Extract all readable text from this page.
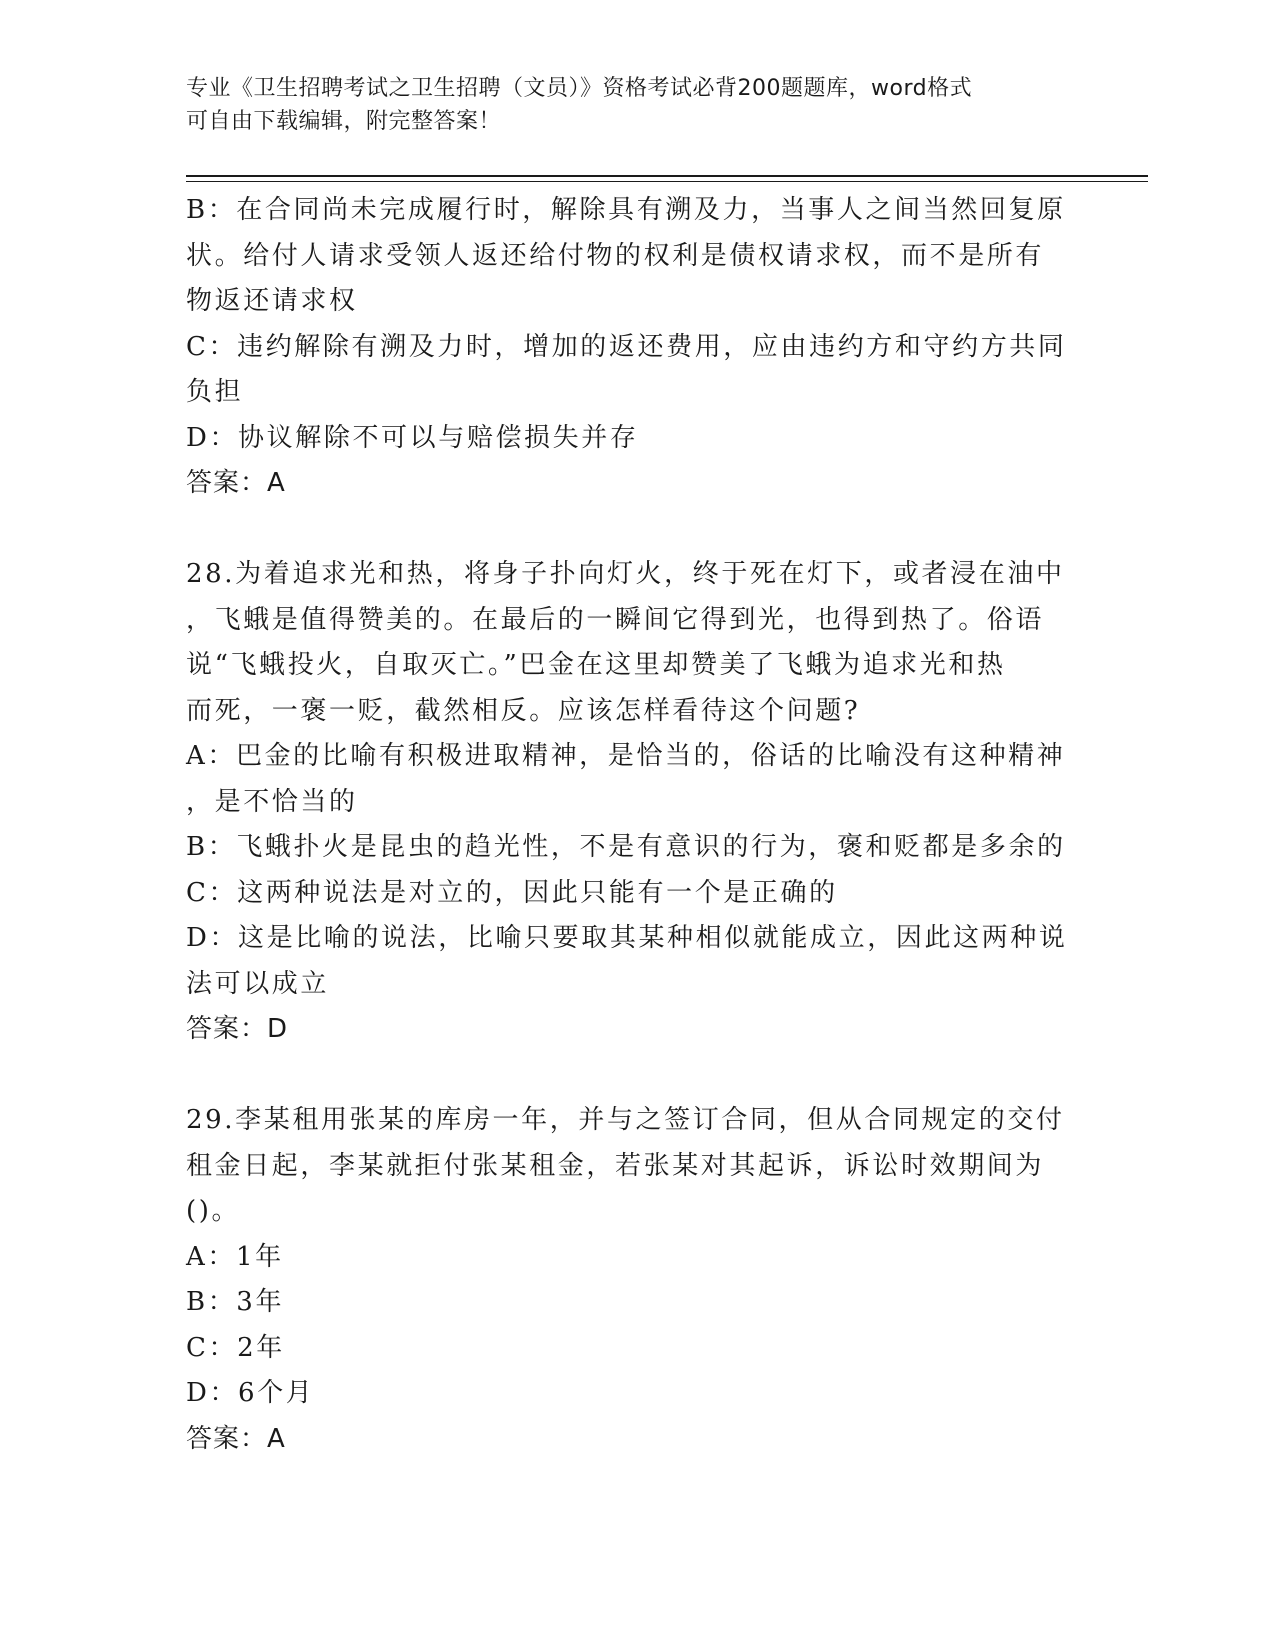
专业《卫生招聘考试之卫生招聘（文员）》资格考试必背200题题库，word格式
可自由下载编辑，附完整答案！
B：在合同尚未完成履行时，解除具有溯及力，当事人之间当然回复原
状。给付人请求受领人返还给付物的权利是债权请求权，而不是所有
物返还请求权
C：违约解除有溯及力时，增加的返还费用，应由违约方和守约方共同
负担
D：协议解除不可以与赔偿损失并存
答案：A
28.为着追求光和热，将身子扑向灯火，终于死在灯下，或者浸在油中
，飞蛾是值得赞美的。在最后的一瞬间它得到光，也得到热了。俗语
说“飞蛾投火，自取灭亡。”巴金在这里却赞美了飞蛾为追求光和热
而死，一褒一贬，截然相反。应该怎样看待这个问题?
A：巴金的比喻有积极进取精神，是恰当的，俗话的比喻没有这种精神
，是不恰当的
B：飞蛾扑火是昆虫的趋光性，不是有意识的行为，褒和贬都是多余的
C：这两种说法是对立的，因此只能有一个是正确的
D：这是比喻的说法，比喻只要取其某种相似就能成立，因此这两种说
法可以成立
答案：D
29.李某租用张某的库房一年，并与之签订合同，但从合同规定的交付
租金日起，李某就拒付张某租金，若张某对其起诉，诉讼时效期间为
()。
A：1年
B：3年
C：2年
D：6个月
答案：A
